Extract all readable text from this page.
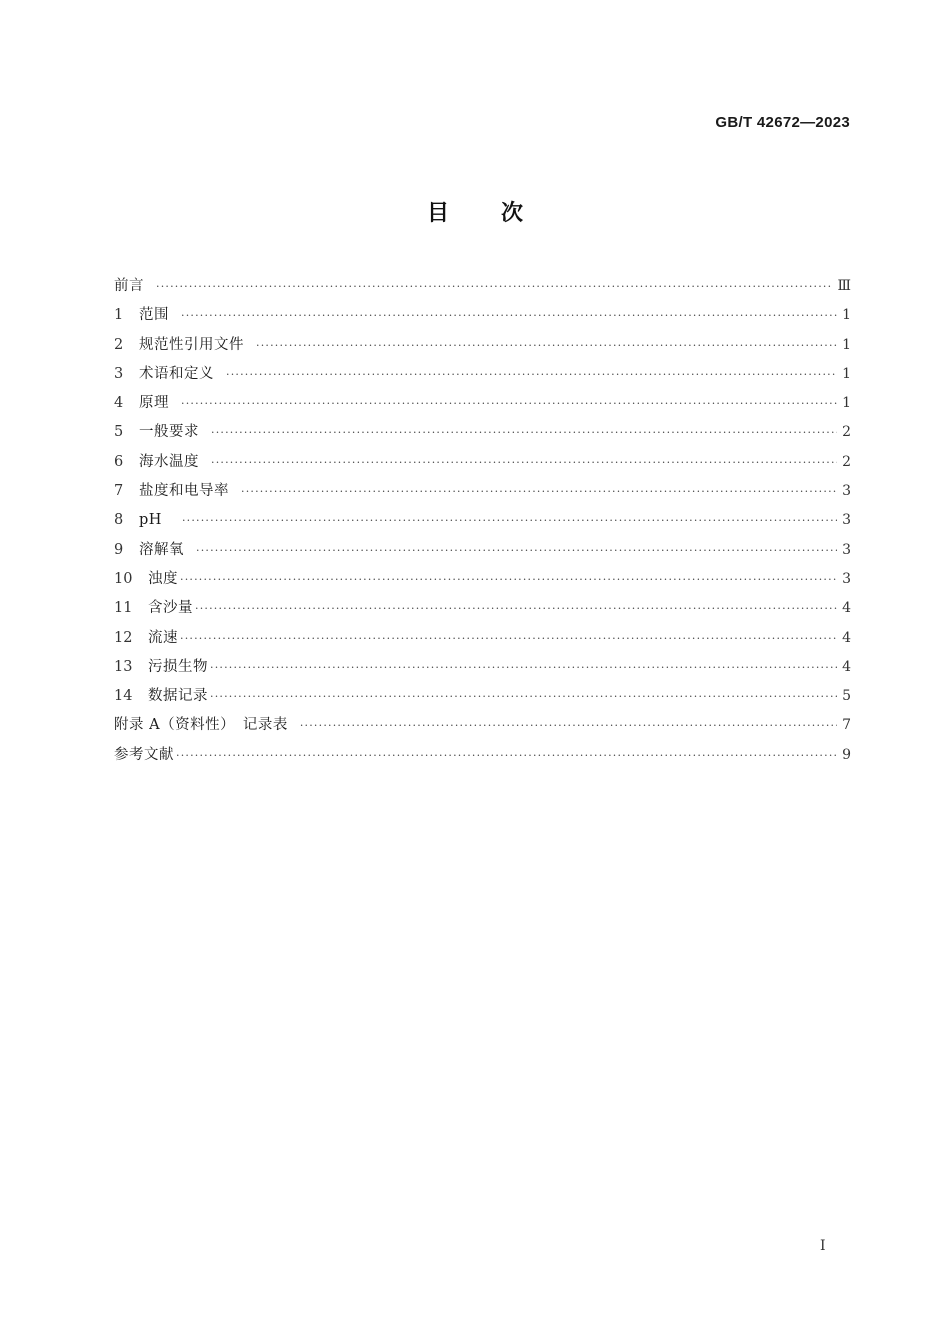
GB/T 42672—2023
目次
前言 ·····	Ⅲ
1	范围 ·····	1
2	规范性引用文件 ·····	1
3	术语和定义 ·····	1
4	原理 ·····	1
5	一般要求 ·····	2
6	海水温度 ·····	2
7	盐度和电导率 ·····	3
8	pH ·····	3
9	溶解氧 ·····	3
10	浊度 ·····	3
11	含沙量 ·····	4
12	流速 ·····	4
13	污损生物 ·····	4
14	数据记录 ·····	5
附录 A（资料性）　记录表 ·····	7
参考文献 ·····	9
I
